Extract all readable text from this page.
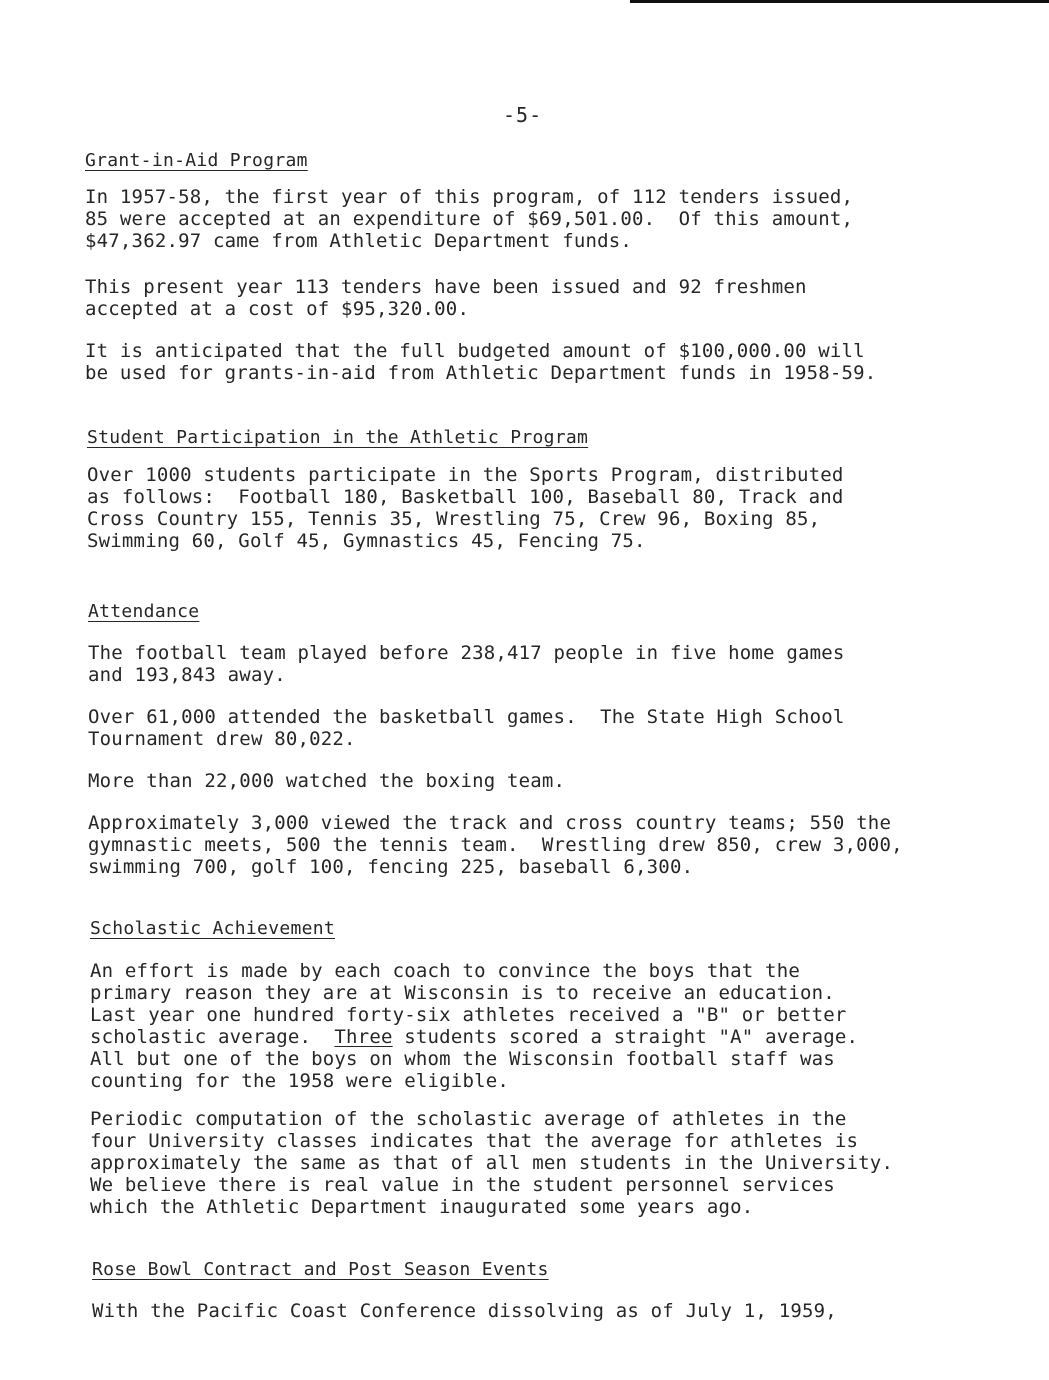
-5-
Grant-in-Aid Program
In 1957-58, the first year of this program, of 112 tenders issued,
85 were accepted at an expenditure of $69,501.00.  Of this amount,
$47,362.97 came from Athletic Department funds.
This present year 113 tenders have been issued and 92 freshmen
accepted at a cost of $95,320.00.
It is anticipated that the full budgeted amount of $100,000.00 will
be used for grants-in-aid from Athletic Department funds in 1958-59.
Student Participation in the Athletic Program
Over 1000 students participate in the Sports Program, distributed
as follows:  Football 180, Basketball 100, Baseball 80, Track and
Cross Country 155, Tennis 35, Wrestling 75, Crew 96, Boxing 85,
Swimming 60, Golf 45, Gymnastics 45, Fencing 75.
Attendance
The football team played before 238,417 people in five home games
and 193,843 away.
Over 61,000 attended the basketball games.  The State High School
Tournament drew 80,022.
More than 22,000 watched the boxing team.
Approximately 3,000 viewed the track and cross country teams; 550 the
gymnastic meets, 500 the tennis team.  Wrestling drew 850, crew 3,000,
swimming 700, golf 100, fencing 225, baseball 6,300.
Scholastic Achievement
An effort is made by each coach to convince the boys that the
primary reason they are at Wisconsin is to receive an education.
Last year one hundred forty-six athletes received a "B" or better
scholastic average.  Three students scored a straight "A" average.
All but one of the boys on whom the Wisconsin football staff was
counting for the 1958 were eligible.
Periodic computation of the scholastic average of athletes in the
four University classes indicates that the average for athletes is
approximately the same as that of all men students in the University.
We believe there is real value in the student personnel services
which the Athletic Department inaugurated some years ago.
Rose Bowl Contract and Post Season Events
With the Pacific Coast Conference dissolving as of July 1, 1959,
